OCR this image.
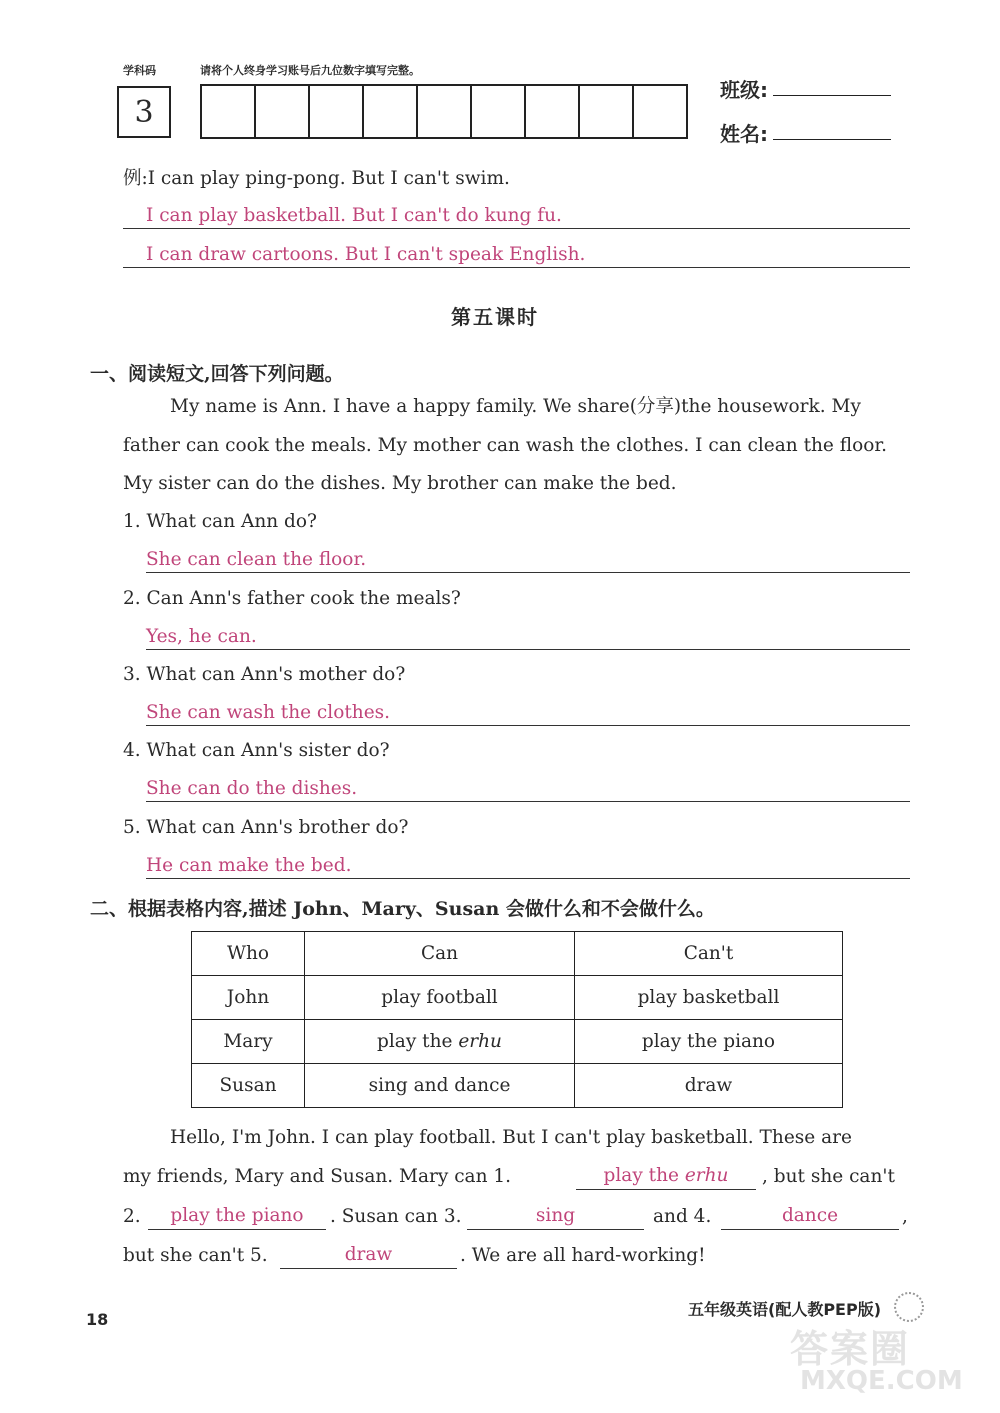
学科码	请将个人终身学习账号后九位数字填写完整。
3
班级:
姓名:
例:I can play ping-pong. But I can't swim.
I can play basketball. But I can't do kung fu.
I can draw cartoons. But I can't speak English.
第五课时
一、阅读短文,回答下列问题。
My name is Ann. I have a happy family. We share(分享)the housework. My
father can cook the meals. My mother can wash the clothes. I can clean the floor.
My sister can do the dishes. My brother can make the bed.
1. What can Ann do?
She can clean the floor.
2. Can Ann's father cook the meals?
Yes, he can.
3. What can Ann's mother do?
She can wash the clothes.
4. What can Ann's sister do?
She can do the dishes.
5. What can Ann's brother do?
He can make the bed.
二、根据表格内容,描述 John、Mary、Susan 会做什么和不会做什么。
Who	Can	Can't
John	play football	play basketball
Mary	play the erhu	play the piano
Susan	sing and dance	draw
Hello, I'm John. I can play football. But I can't play basketball. These are
my friends, Mary and Susan. Mary can 1.	play the erhu	, but she can't
2.	play the piano	. Susan can 3.	sing	and 4.	dance	,
but she can't 5.	draw	. We are all hard-working!
18
五年级英语(配人教PEP版)
答案圈
MXQE.COM
